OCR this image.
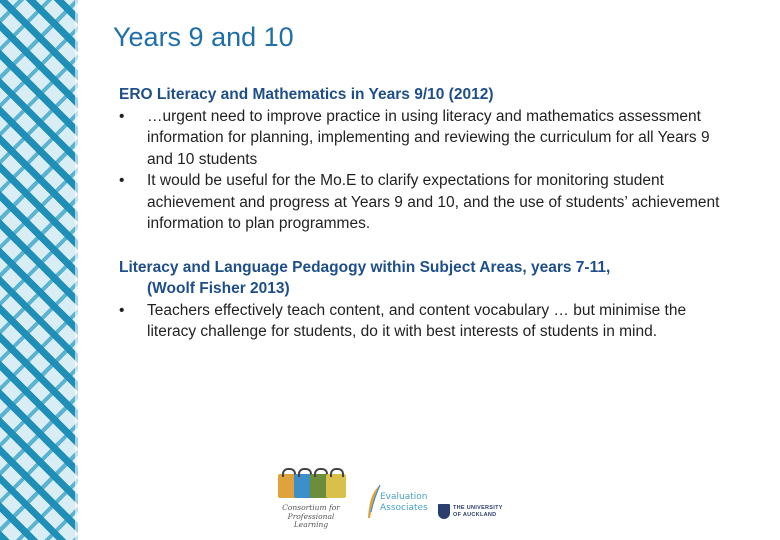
Years 9 and 10
ERO Literacy and Mathematics in Years 9/10 (2012)
•	…urgent need to improve practice in using literacy and mathematics assessment information for planning, implementing and reviewing the curriculum for all Years 9 and 10 students
•	It would be useful for the Mo.E to clarify expectations for monitoring student achievement and progress at Years 9 and 10, and the use of students’ achievement information to plan programmes.
Literacy and Language Pedagogy within Subject Areas, years 7-11,
(Woolf Fisher 2013)
•	Teachers effectively teach content, and content vocabulary … but minimise the literacy challenge for students, do it with best interests of students in mind.
Consortium for Professional Learning
Evaluation
Associates	THE UNIVERSITY
OF AUCKLAND
